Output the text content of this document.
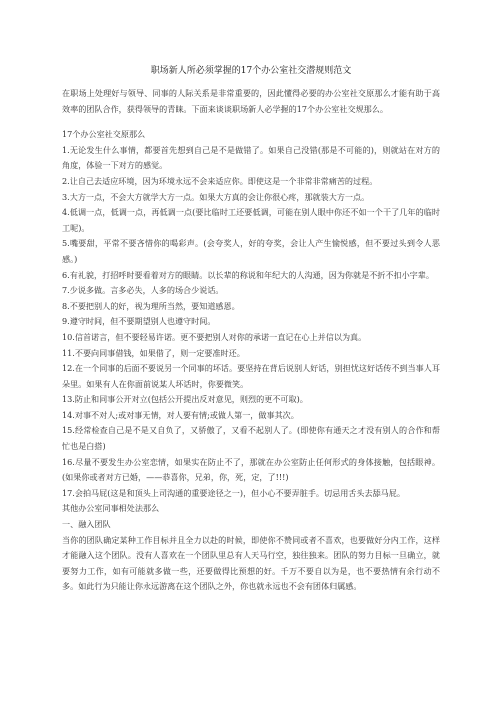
职场新人所必须掌握的17个办公室社交潜规则范文
在职场上处理好与领导、同事的人际关系是非常重要的，因此懂得必要的办公室社交原那么才能有助于高效率的团队合作，获得领导的青睐。下面来谈谈职场新人必学握的17个办公室社交规那么。
17个办公室社交原那么
1.无论发生什么事情，都要首先想到自己是不是做错了。如果自己没错(那是不可能的)，则就站在对方的角度，体验一下对方的感觉。
2.让自己去适应环境，因为环境永远不会来适应你。即使这是一个非常非常痛苦的过程。
3.大方一点，不会大方就学大方一点。如果大方真的会让你很心疼，那就装大方一点。
4.低调一点，低调一点，再低调一点(要比临时工还要低调，可能在别人眼中你还不如一个干了几年的临时工呢)。
5.嘴要甜，平常不要吝惜你的喝彩声。(会夸奖人，好的夸奖，会让人产生愉悦感，但不要过头到令人恶感。)
6.有礼貌，打招呼时要看着对方的眼睛。以长辈的称说和年纪大的人沟通，因为你就是不折不扣小字辈。
7.少说多做。言多必失，人多的场合少说话。
8.不要把别人的好，视为理所当然，要知道感恩。
9.遵守时间，但不要期望别人也遵守时间。
10.信首诺言，但不要轻易许诺。更不要把别人对你的承诺一直记在心上并信以为真。
11.不要向同事借钱，如果借了，则一定要准时还。
12.在一个同事的后面不要说另一个同事的坏话。要坚持在背后说别人好话，别担忧这好话传不到当事人耳朵里。如果有人在你面前说某人坏话时，你要微笑。
13.防止和同事公开对立(包括公开提出反对意见，则烈的更不可取)。
14.对事不对人;或对事无情，对人要有情;或做人第一，做事其次。
15.经常检查自己是不是又自负了，又骄傲了，又看不起别人了。(即使你有通天之才没有别人的合作和帮忙也是白搭)
16.尽量不要发生办公室恋情，如果实在防止不了，那就在办公室防止任何形式的身体接触，包括眼神。(如果你或者对方已婚，——恭喜你，兄弟，你，死，定，了!!!)
17.会拍马屁(这是和顶头上司沟通的重要途径之一)，但小心不要弄脏手。切忌用舌头去舔马屁。
其他办公室同事相处法那么
一、融入团队
当你的团队确定某种工作目标并且全力以赴的时候，即使你不赞同或者不喜欢，也要做好分内工作，这样才能融入这个团队。没有人喜欢在一个团队里总有人天马行空，独往独来。团队的努力目标一旦确立，就要努力工作，如有可能就多做一些，还要做得比预想的好。千万不要自以为是，也不要热情有余行动不多。如此行为只能让你永远游离在这个团队之外，你也就永远也不会有团体归属感。
